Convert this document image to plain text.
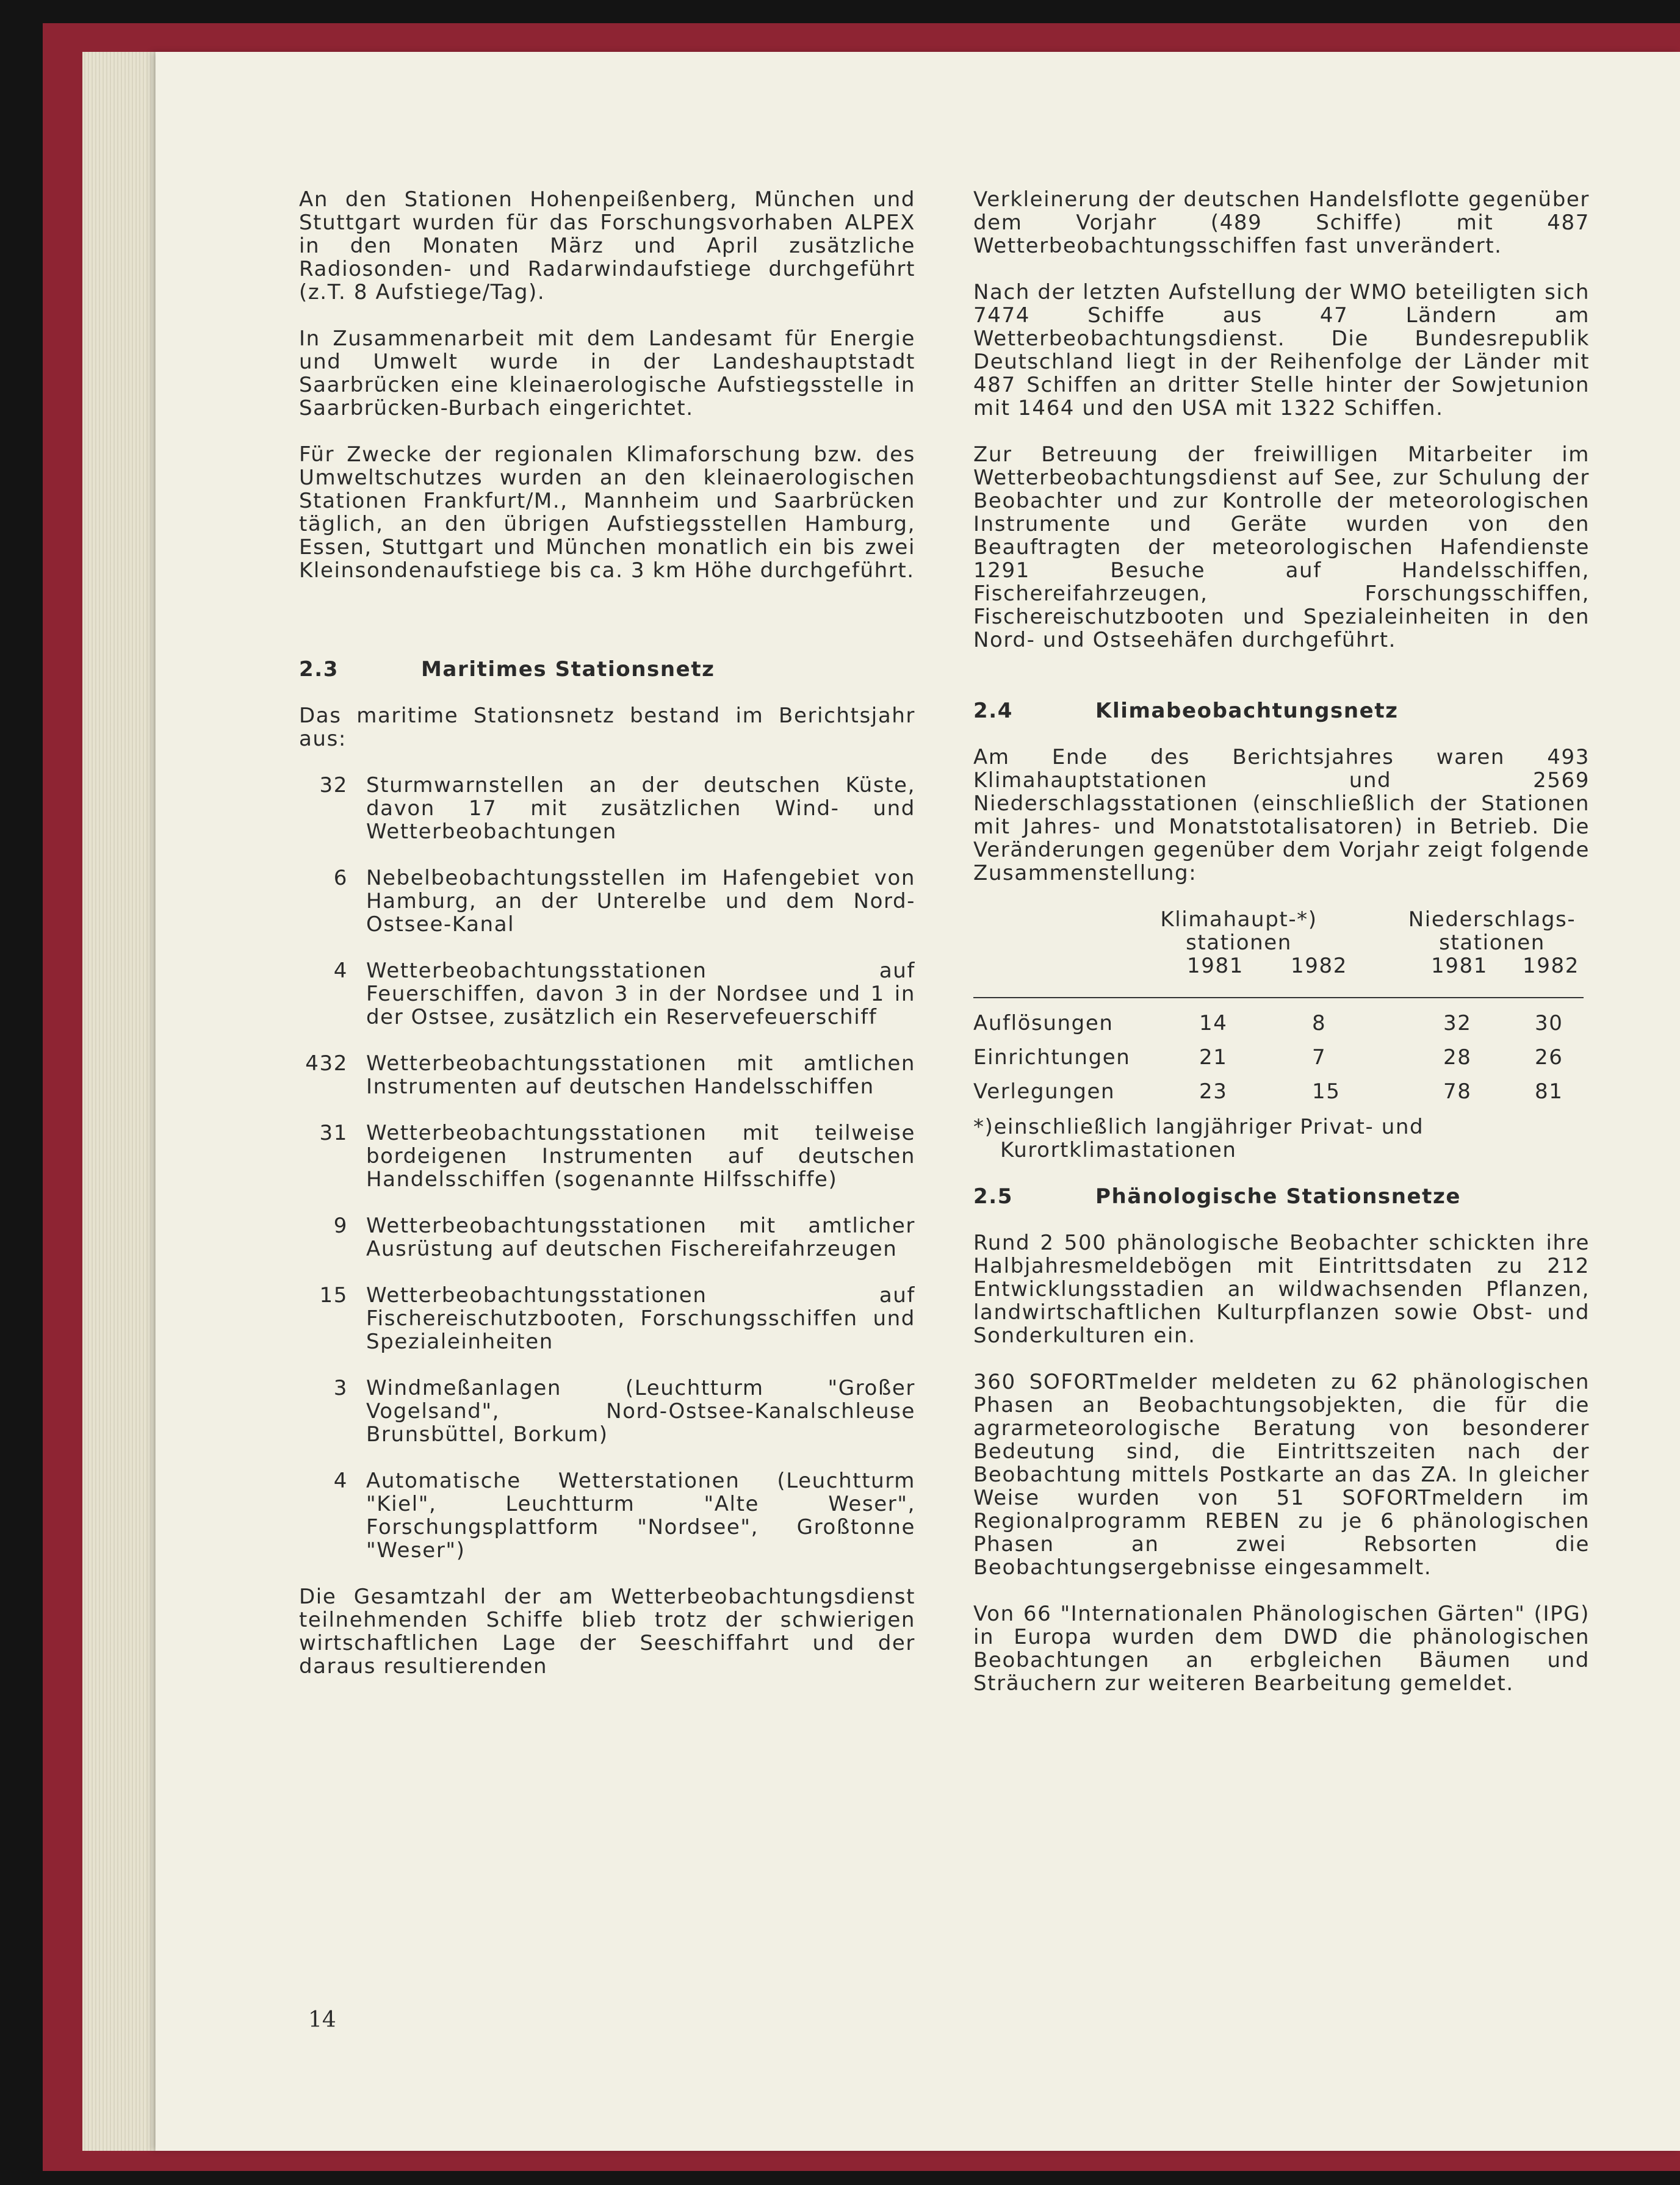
An den Stationen Hohenpeißenberg, München und Stuttgart wurden für das Forschungsvorhaben ALPEX in den Monaten März und April zusätzliche Radiosonden- und Radarwindaufstiege durchgeführt (z.T. 8 Aufstiege/Tag).

In Zusammenarbeit mit dem Landesamt für Energie und Umwelt wurde in der Landeshauptstadt Saarbrücken eine kleinaerologische Aufstiegsstelle in Saarbrücken-Burbach eingerichtet.

Für Zwecke der regionalen Klimaforschung bzw. des Umweltschutzes wurden an den kleinaerologischen Stationen Frankfurt/M., Mannheim und Saarbrücken täglich, an den übrigen Aufstiegsstellen Hamburg, Essen, Stuttgart und München monatlich ein bis zwei Kleinsondenaufstiege bis ca. 3 km Höhe durchgeführt.

2.3	Maritimes Stationsnetz

Das maritime Stationsnetz bestand im Berichtsjahr aus:

32 Sturmwarnstellen an der deutschen Küste, davon 17 mit zusätzlichen Wind- und Wetterbeobachtungen
6 Nebelbeobachtungsstellen im Hafengebiet von Hamburg, an der Unterelbe und dem Nord-Ostsee-Kanal
4 Wetterbeobachtungsstationen auf Feuerschiffen, davon 3 in der Nordsee und 1 in der Ostsee, zusätzlich ein Reservefeuerschiff
432 Wetterbeobachtungsstationen mit amtlichen Instrumenten auf deutschen Handelsschiffen
31 Wetterbeobachtungsstationen mit teilweise bordeigenen Instrumenten auf deutschen Handelsschiffen (sogenannte Hilfsschiffe)
9 Wetterbeobachtungsstationen mit amtlicher Ausrüstung auf deutschen Fischereifahrzeugen
15 Wetterbeobachtungsstationen auf Fischereischutzbooten, Forschungsschiffen und Spezialeinheiten
3 Windmeßanlagen (Leuchtturm "Großer Vogelsand", Nord-Ostsee-Kanalschleuse Brunsbüttel, Borkum)
4 Automatische Wetterstationen (Leuchtturm "Kiel", Leuchtturm "Alte Weser", Forschungsplattform "Nordsee", Großtonne "Weser")

Die Gesamtzahl der am Wetterbeobachtungsdienst teilnehmenden Schiffe blieb trotz der schwierigen wirtschaftlichen Lage der Seeschiffahrt und der daraus resultierenden

Verkleinerung der deutschen Handelsflotte gegenüber dem Vorjahr (489 Schiffe) mit 487 Wetterbeobachtungsschiffen fast unverändert.

Nach der letzten Aufstellung der WMO beteiligten sich 7474 Schiffe aus 47 Ländern am Wetterbeobachtungsdienst. Die Bundesrepublik Deutschland liegt in der Reihenfolge der Länder mit 487 Schiffen an dritter Stelle hinter der Sowjetunion mit 1464 und den USA mit 1322 Schiffen.

Zur Betreuung der freiwilligen Mitarbeiter im Wetterbeobachtungsdienst auf See, zur Schulung der Beobachter und zur Kontrolle der meteorologischen Instrumente und Geräte wurden von den Beauftragten der meteorologischen Hafendienste 1291 Besuche auf Handelsschiffen, Fischereifahrzeugen, Forschungsschiffen, Fischereischutzbooten und Spezialeinheiten in den Nord- und Ostseehäfen durchgeführt.

2.4	Klimabeobachtungsnetz

Am Ende des Berichtsjahres waren 493 Klimahauptstationen und 2569 Niederschlagsstationen (einschließlich der Stationen mit Jahres- und Monatstotalisatoren) in Betrieb. Die Veränderungen gegenüber dem Vorjahr zeigt folgende Zusammenstellung:

Klimahaupt-*)
stationen
Niederschlags-
stationen
1981 1982	1981 1982
Auflösungen	14	8	32	30
Einrichtungen	21	7	28	26
Verlegungen	23	15	78	81
*)einschließlich langjähriger Privat- und
Kurortklimastationen
2.5	Phänologische Stationsnetze

Rund 2 500 phänologische Beobachter schickten ihre Halbjahresmeldebögen mit Eintrittsdaten zu 212 Entwicklungsstadien an wildwachsenden Pflanzen, landwirtschaftlichen Kulturpflanzen sowie Obst- und Sonderkulturen ein.

360 SOFORTmelder meldeten zu 62 phänologischen Phasen an Beobachtungsobjekten, die für die agrarmeteorologische Beratung von besonderer Bedeutung sind, die Eintrittszeiten nach der Beobachtung mittels Postkarte an das ZA. In gleicher Weise wurden von 51 SOFORTmeldern im Regionalprogramm REBEN zu je 6 phänologischen Phasen an zwei Rebsorten die Beobachtungsergebnisse eingesammelt.

Von 66 "Internationalen Phänologischen Gärten" (IPG) in Europa wurden dem DWD die phänologischen Beobachtungen an erbgleichen Bäumen und Sträuchern zur weiteren Bearbeitung gemeldet.

14
